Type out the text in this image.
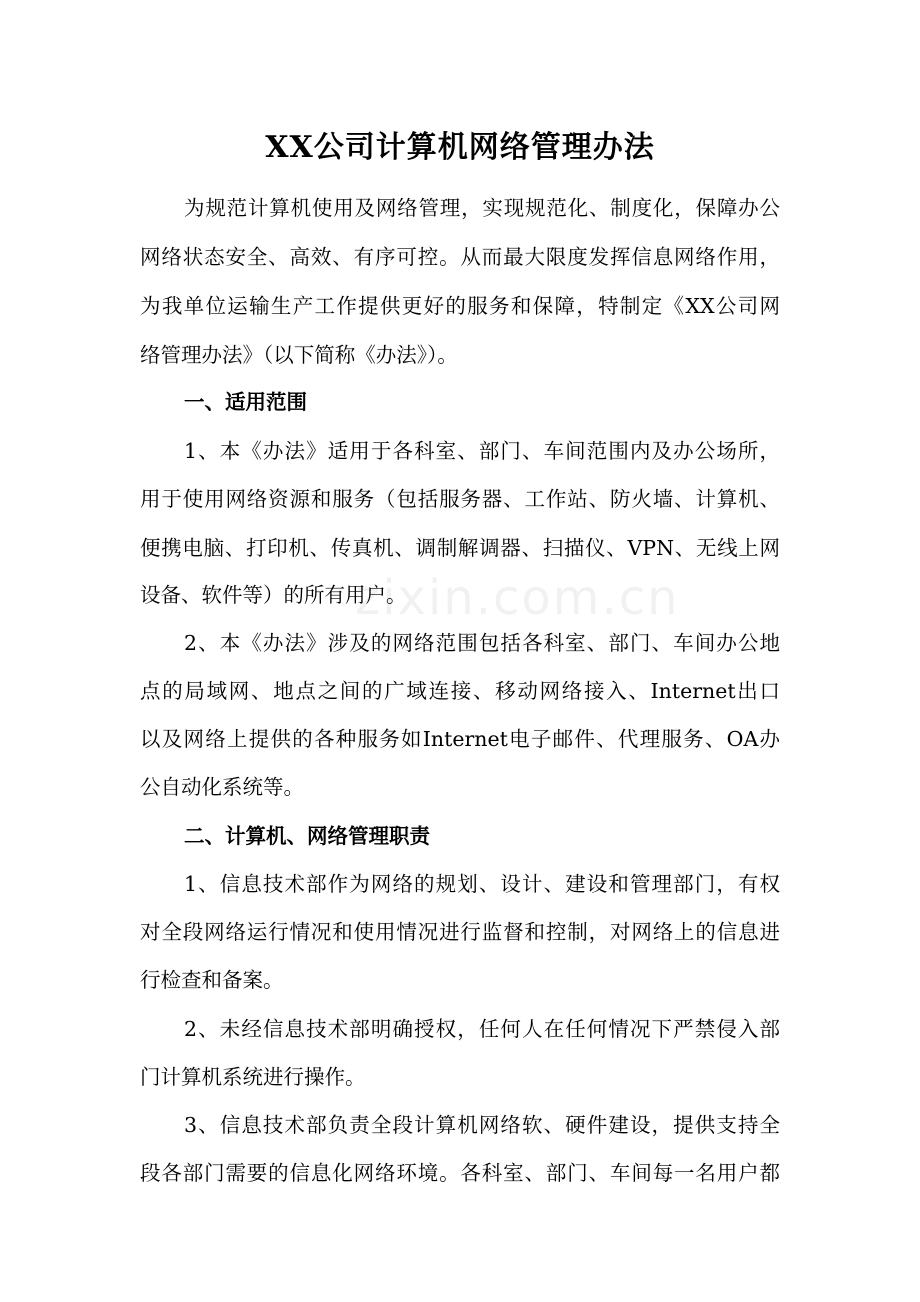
zixin.com.cn
XX公司计算机网络管理办法
为规范计算机使用及网络管理，实现规范化、制度化，保障办公
网络状态安全、高效、有序可控。从而最大限度发挥信息网络作用，
为我单位运输生产工作提供更好的服务和保障，特制定《XX公司网
络管理办法》（以下简称《办法》）。
一、适用范围
1、本《办法》适用于各科室、部门、车间范围内及办公场所，
用于使用网络资源和服务（包括服务器、工作站、防火墙、计算机、
便携电脑、打印机、传真机、调制解调器、扫描仪、VPN、无线上网
设备、软件等）的所有用户。
2、本《办法》涉及的网络范围包括各科室、部门、车间办公地
点的局域网、地点之间的广域连接、移动网络接入、Internet出口
以及网络上提供的各种服务如Internet电子邮件、代理服务、OA办
公自动化系统等。
二、计算机、网络管理职责
1、信息技术部作为网络的规划、设计、建设和管理部门，有权
对全段网络运行情况和使用情况进行监督和控制，对网络上的信息进
行检查和备案。
2、未经信息技术部明确授权，任何人在任何情况下严禁侵入部
门计算机系统进行操作。
3、信息技术部负责全段计算机网络软、硬件建设，提供支持全
段各部门需要的信息化网络环境。各科室、部门、车间每一名用户都
